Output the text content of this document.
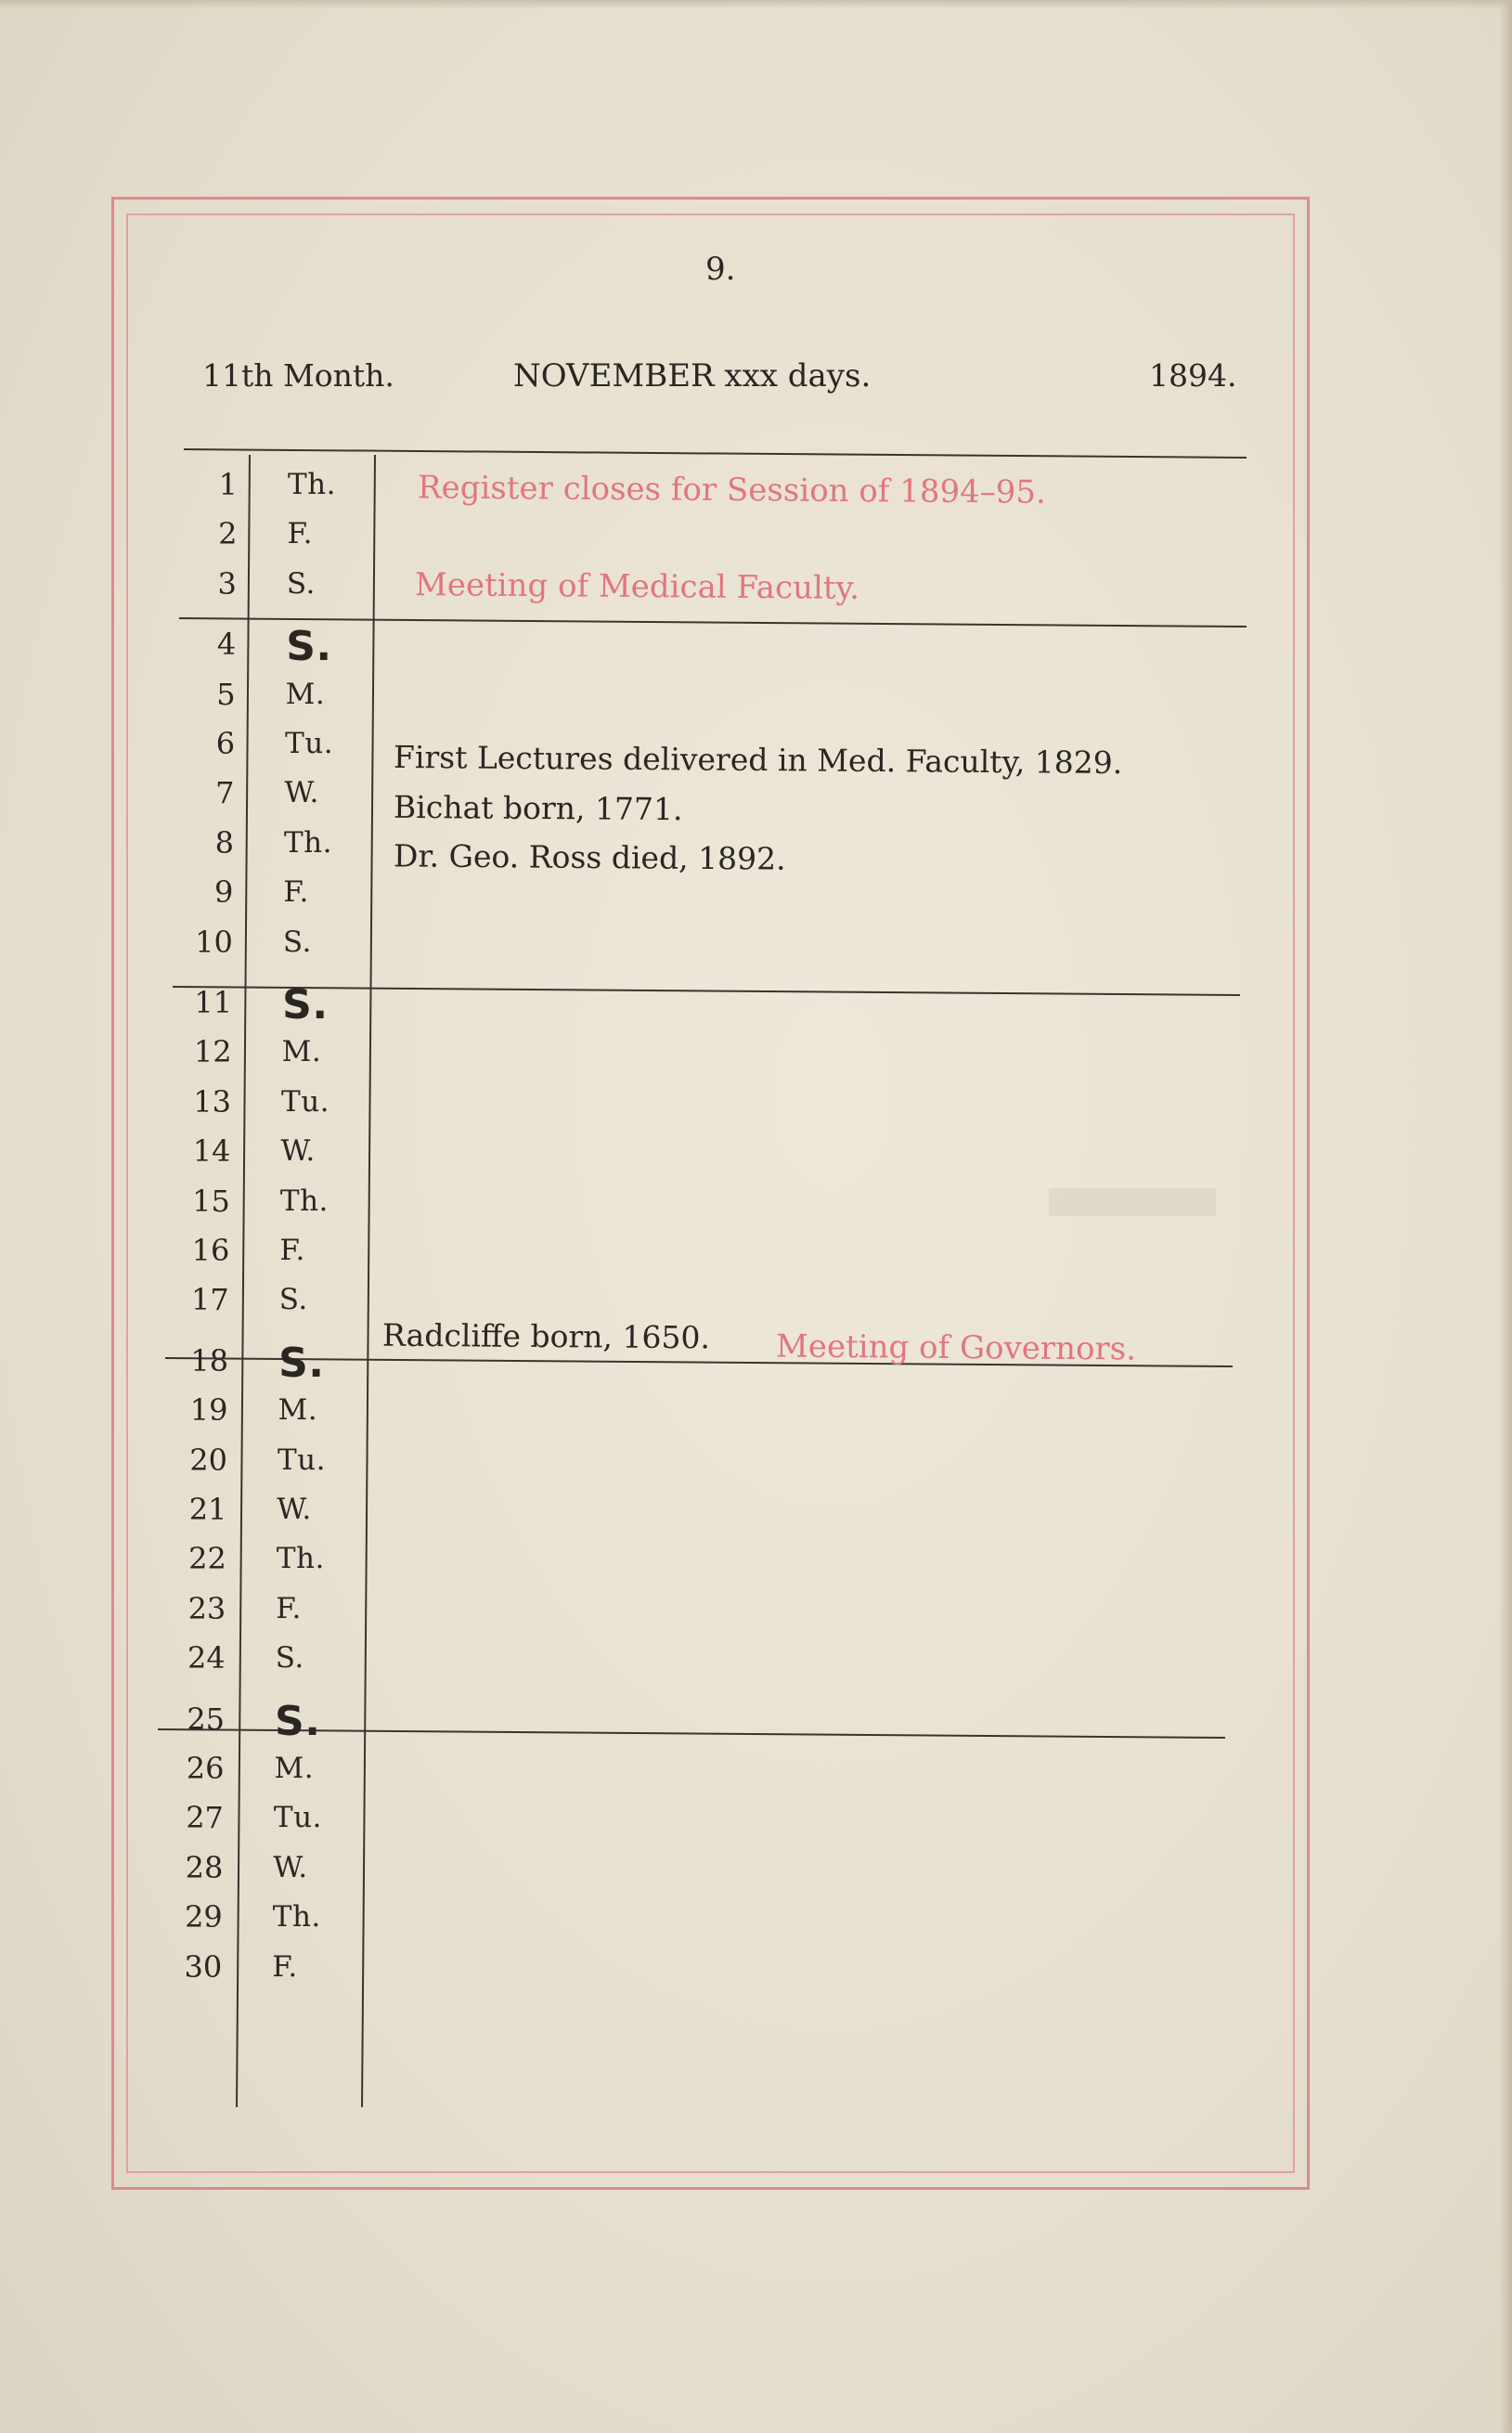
9.
11th Month.	NOVEMBER xxx days.	1894.
1 Th.
2 F.
3 S.
4 S.
5 M.
6 Tu.
7 W.
8 Th.
9 F.
10 S.
11 S.
12 M.
13 Tu.
14 W.
15 Th.
16 F.
17 S.
18 S.
19 M.
20 Tu.
21 W.
22 Th.
23 F.
24 S.
25 S.
26 M.
27 Tu.
28 W.
29 Th.
30 F.
Register closes for Session of 1894–95.
Meeting of Medical Faculty.
First Lectures delivered in Med. Faculty, 1829.
Bichat born, 1771.
Dr. Geo. Ross died, 1892.
Radcliffe born, 1650. Meeting of Governors.
